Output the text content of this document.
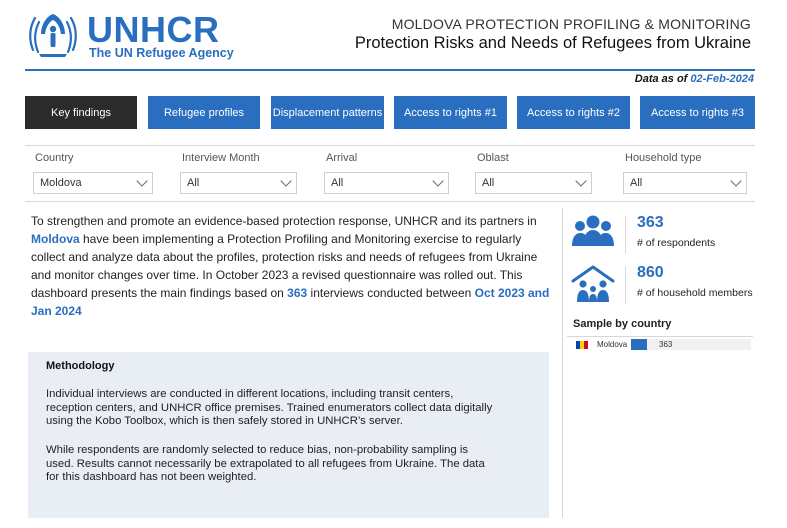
UNHCR
The UN Refugee Agency
MOLDOVA PROTECTION PROFILING & MONITORING
Protection Risks and Needs of Refugees from Ukraine
Data as of 02-Feb-2024
Key findings	Refugee profiles	Displacement patterns	Access to rights #1	Access to rights #2	Access to rights #3
Country
Moldova
Interview Month
All
Arrival
All
Oblast
All
Household type
All
To strengthen and promote an evidence-based protection response, UNHCR and its partners in Moldova have been implementing a Protection Profiling and Monitoring exercise to regularly collect and analyze data about the profiles, protection risks and needs of refugees from Ukraine and monitor changes over time. In October 2023 a revised questionnaire was rolled out. This dashboard presents the main findings based on 363 interviews conducted between Oct 2023 and Jan 2024
Methodology
Individual interviews are conducted in different locations, including transit centers, reception centers, and UNHCR office premises. Trained enumerators collect data digitally using the Kobo Toolbox, which is then safely stored in UNHCR’s server.
While respondents are randomly selected to reduce bias, non-probability sampling is used. Results cannot necessarily be extrapolated to all refugees from Ukraine. The data for this dashboard has not been weighted.
363
# of respondents
860
# of household members
Sample by country
Moldova	363
